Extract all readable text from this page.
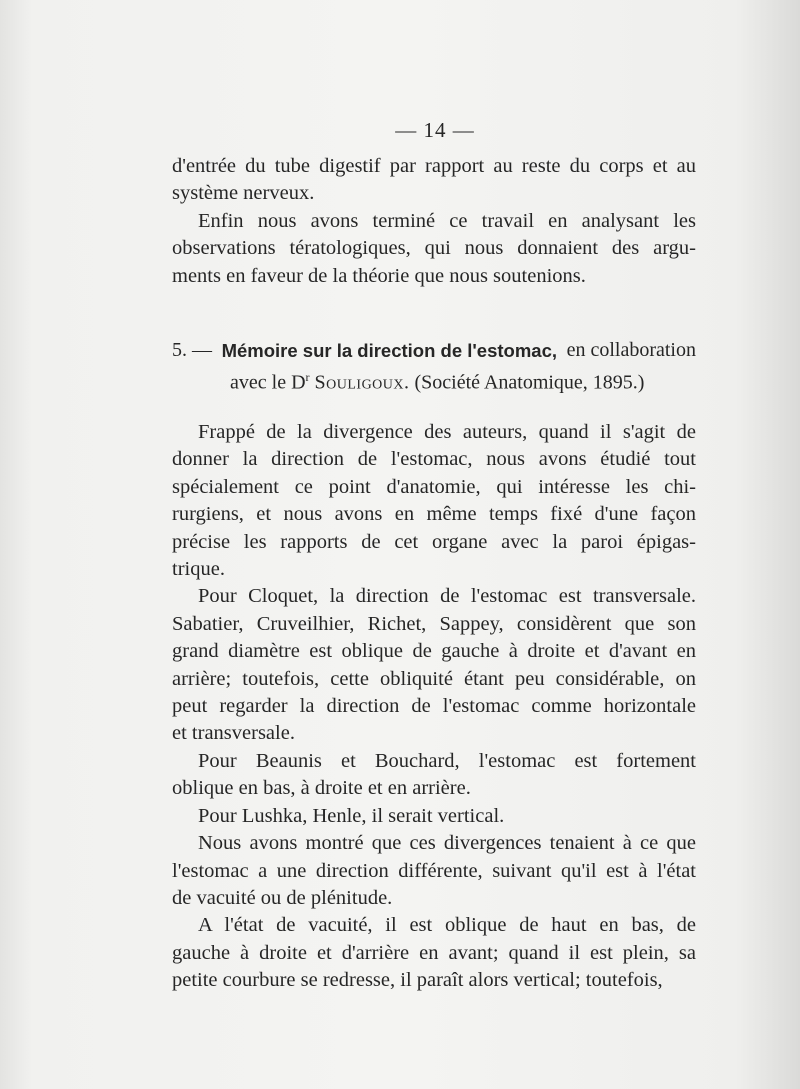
— 14 —

d'entrée du tube digestif par rapport au reste du corps et au

système nerveux.

Enfin nous avons terminé ce travail en analysant les

observations tératologiques, qui nous donnaient des argu-

ments en faveur de la théorie que nous soutenions.

5. — Mémoire sur la direction de l'estomac, en collaboration
avec le $D^r$ Souligoux. (Société Anatomique, 1895.)

Frappé de la divergence des auteurs, quand il s'agit de

donner la direction de l'estomac, nous avons étudié tout

spécialement ce point d'anatomie, qui intéresse les chi-

rurgiens, et nous avons en même temps fixé d'une façon

précise les rapports de cet organe avec la paroi épigas-

trique.

Pour Cloquet, la direction de l'estomac est transversale.

Sabatier, Cruveilhier, Richet, Sappey, considèrent que son

grand diamètre est oblique de gauche à droite et d'avant en

arrière; toutefois, cette obliquité étant peu considérable, on

peut regarder la direction de l'estomac comme horizontale

et transversale.

Pour Beaunis et Bouchard, l'estomac est fortement

oblique en bas, à droite et en arrière.

Pour Lushka, Henle, il serait vertical.

Nous avons montré que ces divergences tenaient à ce que

l'estomac a une direction différente, suivant qu'il est à l'état

de vacuité ou de plénitude.

A l'état de vacuité, il est oblique de haut en bas, de

gauche à droite et d'arrière en avant; quand il est plein, sa

petite courbure se redresse, il paraît alors vertical; toutefois,
